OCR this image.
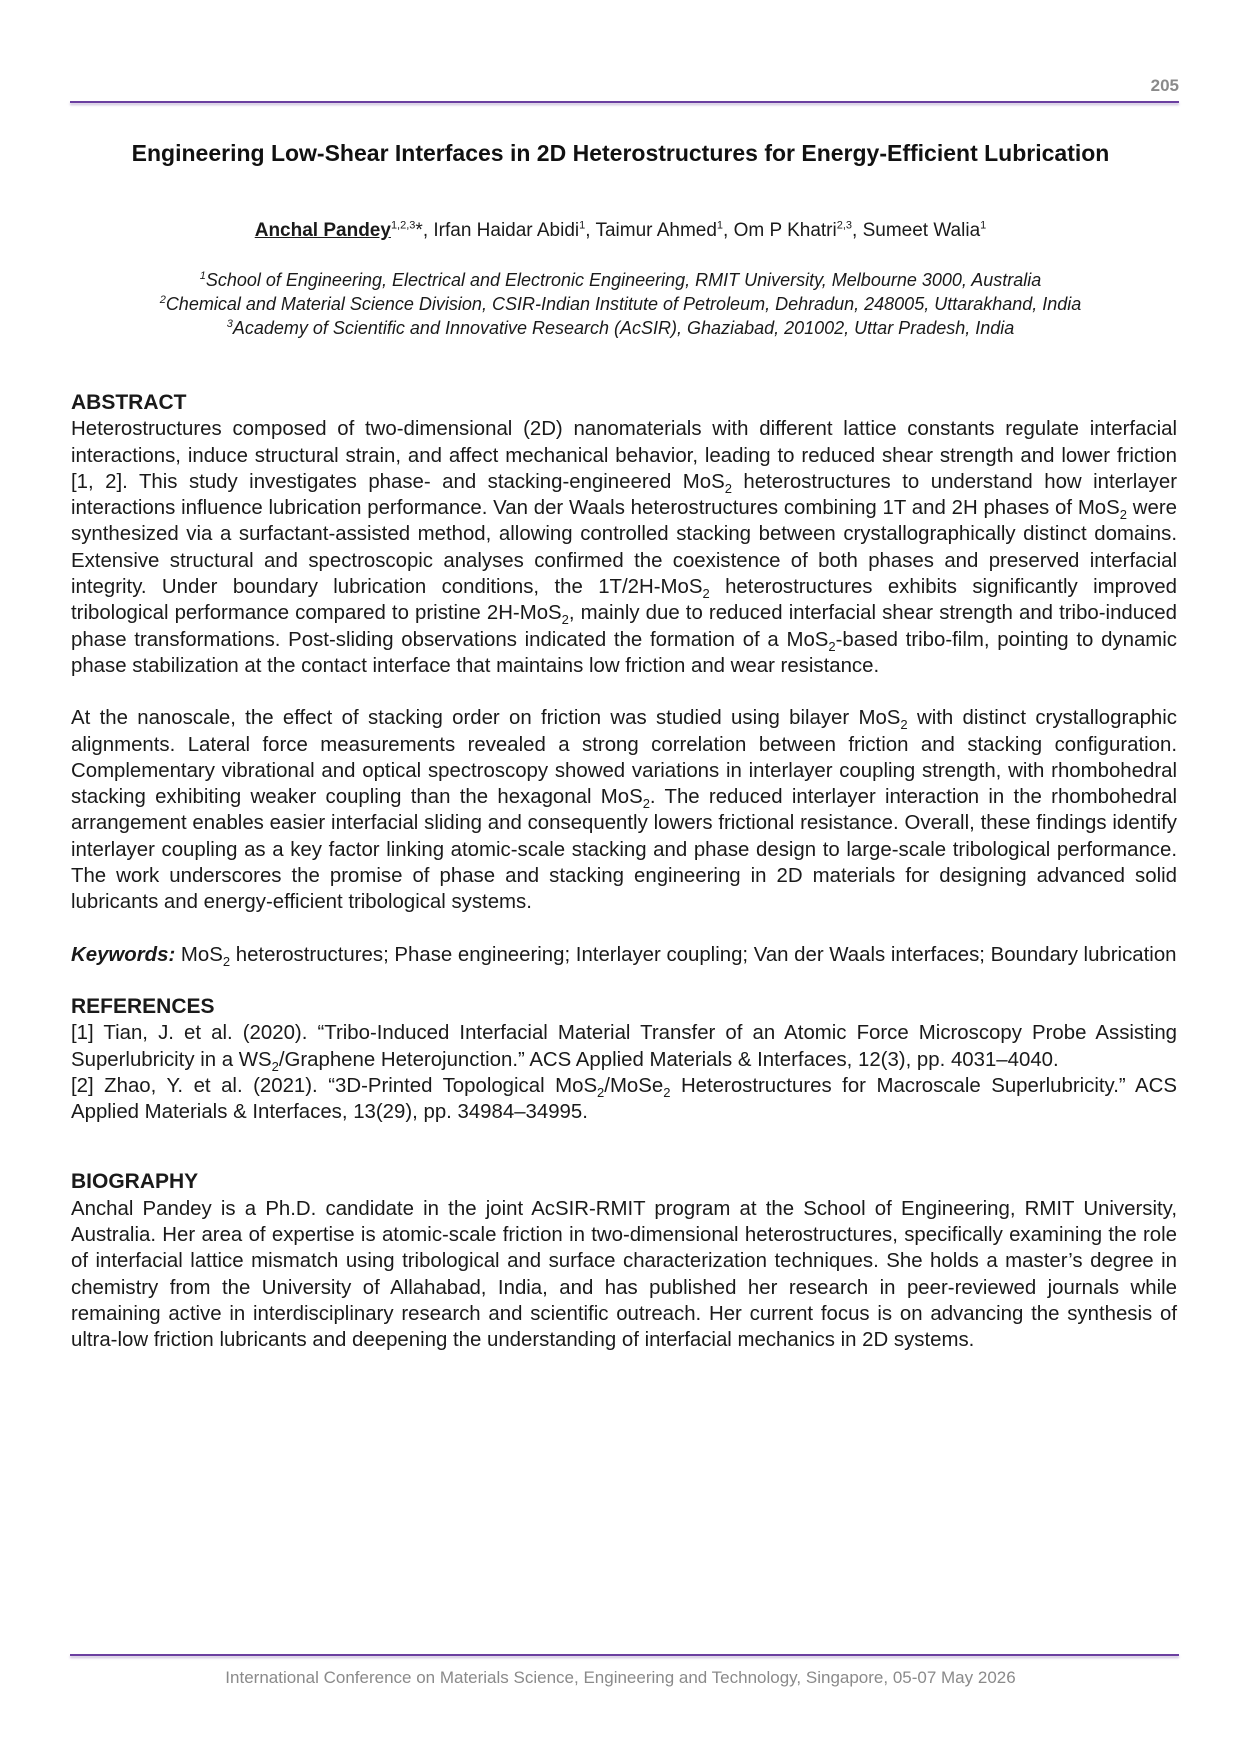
205
Engineering Low-Shear Interfaces in 2D Heterostructures for Energy-Efficient Lubrication
Anchal Pandey$^{1,2,3}$*, Irfan Haidar Abidi$^1$, Taimur Ahmed$^1$, Om P Khatri$^{2,3}$, Sumeet Walia$^1$
$^1$School of Engineering, Electrical and Electronic Engineering, RMIT University, Melbourne 3000, Australia
$^2$Chemical and Material Science Division, CSIR-Indian Institute of Petroleum, Dehradun, 248005, Uttarakhand, India
$^3$Academy of Scientific and Innovative Research (AcSIR), Ghaziabad, 201002, Uttar Pradesh, India
ABSTRACT

Heterostructures composed of two-dimensional (2D) nanomaterials with different lattice constants regulate interfacial interactions, induce structural strain, and affect mechanical behavior, leading to reduced shear strength and lower friction [1, 2]. This study investigates phase- and stacking-engineered MoS$_2$ heterostructures to understand how interlayer interactions influence lubrication performance. Van der Waals heterostructures combining 1T and 2H phases of MoS$_2$ were synthesized via a surfactant-assisted method, allowing controlled stacking between crystallographically distinct domains. Extensive structural and spectroscopic analyses confirmed the coexistence of both phases and preserved interfacial integrity. Under boundary lubrication conditions, the 1T/2H-MoS$_2$ heterostructures exhibits significantly improved tribological performance compared to pristine 2H-MoS$_2$, mainly due to reduced interfacial shear strength and tribo-induced phase transformations. Post-sliding observations indicated the formation of a MoS$_2$-based tribo-film, pointing to dynamic phase stabilization at the contact interface that maintains low friction and wear resistance.

At the nanoscale, the effect of stacking order on friction was studied using bilayer MoS$_2$ with distinct crystallographic alignments. Lateral force measurements revealed a strong correlation between friction and stacking configuration. Complementary vibrational and optical spectroscopy showed variations in interlayer coupling strength, with rhombohedral stacking exhibiting weaker coupling than the hexagonal MoS$_2$. The reduced interlayer interaction in the rhombohedral arrangement enables easier interfacial sliding and consequently lowers frictional resistance. Overall, these findings identify interlayer coupling as a key factor linking atomic-scale stacking and phase design to large-scale tribological performance. The work underscores the promise of phase and stacking engineering in 2D materials for designing advanced solid lubricants and energy-efficient tribological systems.

Keywords: MoS$_2$ heterostructures; Phase engineering; Interlayer coupling; Van der Waals interfaces; Boundary lubrication

REFERENCES

[1] Tian, J. et al. (2020). “Tribo-Induced Interfacial Material Transfer of an Atomic Force Microscopy Probe Assisting Superlubricity in a $WS_2$/Graphene Heterojunction.” ACS Applied Materials & Interfaces, 12(3), pp. 4031–4040.

[2] Zhao, Y. et al. (2021). “3D-Printed Topological MoS$_2$/MoSe$_2$ Heterostructures for Macroscale Superlubricity.” ACS Applied Materials & Interfaces, 13(29), pp. 34984–34995.

BIOGRAPHY

Anchal Pandey is a Ph.D. candidate in the joint AcSIR-RMIT program at the School of Engineering, RMIT University, Australia. Her area of expertise is atomic-scale friction in two-dimensional heterostructures, specifically examining the role of interfacial lattice mismatch using tribological and surface characterization techniques. She holds a master’s degree in chemistry from the University of Allahabad, India, and has published her research in peer-reviewed journals while remaining active in interdisciplinary research and scientific outreach. Her current focus is on advancing the synthesis of ultra-low friction lubricants and deepening the understanding of interfacial mechanics in 2D systems.

International Conference on Materials Science, Engineering and Technology, Singapore, 05-07 May 2026
